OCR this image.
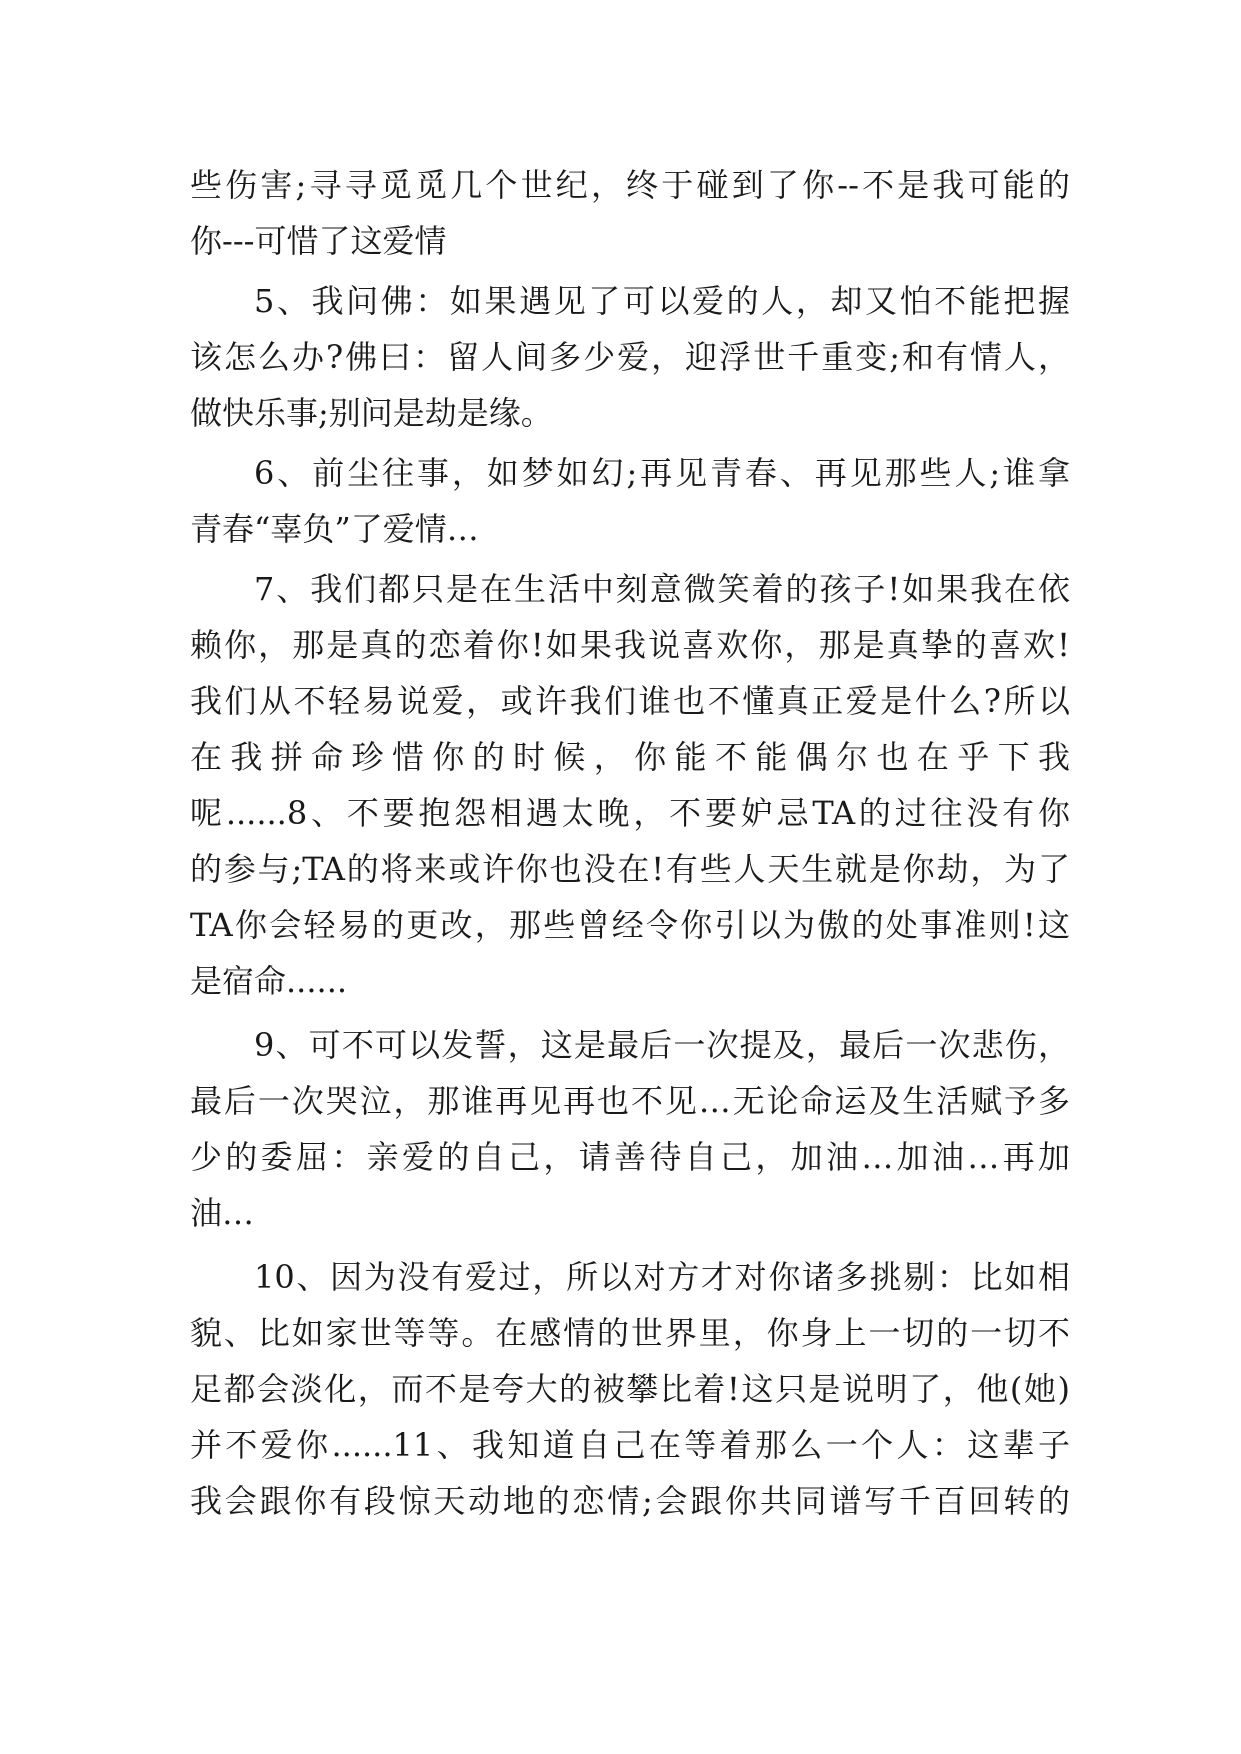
些伤害;寻寻觅觅几个世纪，终于碰到了你--不是我可能的
你---可惜了这爱情
5、我问佛：如果遇见了可以爱的人，却又怕不能把握
该怎么办?佛曰：留人间多少爱，迎浮世千重变;和有情人，
做快乐事;别问是劫是缘。
6、前尘往事，如梦如幻;再见青春、再见那些人;谁拿
青春“辜负”了爱情…
7、我们都只是在生活中刻意微笑着的孩子!如果我在依
赖你，那是真的恋着你!如果我说喜欢你，那是真挚的喜欢!
我们从不轻易说爱，或许我们谁也不懂真正爱是什么?所以
在我拼命珍惜你的时候，你能不能偶尔也在乎下我
呢......8、不要抱怨相遇太晚，不要妒忌TA的过往没有你
的参与;TA的将来或许你也没在!有些人天生就是你劫，为了
TA你会轻易的更改，那些曾经令你引以为傲的处事准则!这
是宿命......
9、可不可以发誓，这是最后一次提及，最后一次悲伤，
最后一次哭泣，那谁再见再也不见…无论命运及生活赋予多
少的委屈：亲爱的自己，请善待自己，加油…加油…再加
油…
10、因为没有爱过，所以对方才对你诸多挑剔：比如相
貌、比如家世等等。在感情的世界里，你身上一切的一切不
足都会淡化，而不是夸大的被攀比着!这只是说明了，他(她)
并不爱你......11、我知道自己在等着那么一个人：这辈子
我会跟你有段惊天动地的恋情;会跟你共同谱写千百回转的
